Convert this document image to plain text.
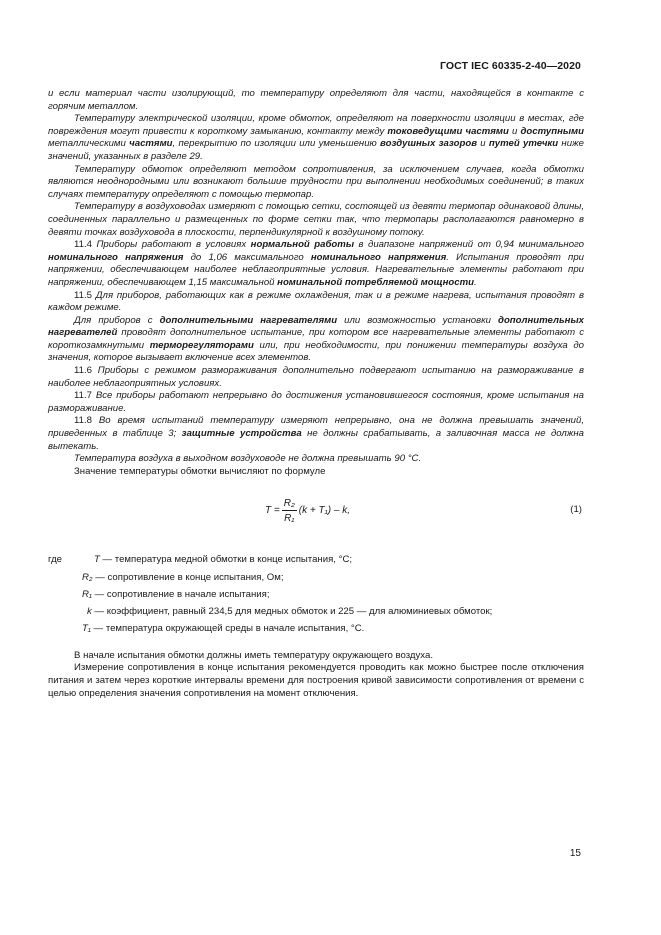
ГОСТ IEC 60335-2-40—2020

и если материал части изолирующий, то температуру определяют для части, находящейся в контакте с горячим металлом.

Температуру электрической изоляции, кроме обмоток, определяют на поверхности изоляции в местах, где повреждения могут привести к короткому замыканию, контакту между токоведущими частями и доступными металлическими частями, перекрытию по изоляции или уменьшению воздушных зазоров и путей утечки ниже значений, указанных в разделе 29.

Температуру обмоток определяют методом сопротивления, за исключением случаев, когда обмотки являются неоднородными или возникают большие трудности при выполнении необходимых соединений; в таких случаях температуру определяют с помощью термопар.

Температуру в воздуховодах измеряют с помощью сетки, состоящей из девяти термопар одинаковой длины, соединенных параллельно и размещенных по форме сетки так, что термопары располагаются равномерно в девяти точках воздуховода в плоскости, перпендикулярной к воздушному потоку.

11.4 Приборы работают в условиях нормальной работы в диапазоне напряжений от 0,94 минимального номинального напряжения до 1,06 максимального номинального напряжения. Испытания проводят при напряжении, обеспечивающем наиболее неблагоприятные условия. Нагревательные элементы работают при напряжении, обеспечивающем 1,15 максимальной номинальной потребляемой мощности.

11.5 Для приборов, работающих как в режиме охлаждения, так и в режиме нагрева, испытания проводят в каждом режиме.

Для приборов с дополнительными нагревателями или возможностью установки дополнительных нагревателей проводят дополнительное испытание, при котором все нагревательные элементы работают с короткозамкнутыми терморегуляторами или, при необходимости, при понижении температуры воздуха до значения, которое вызывает включение всех элементов.

11.6 Приборы с режимом размораживания дополнительно подвергают испытанию на размораживание в наиболее неблагоприятных условиях.

11.7 Все приборы работают непрерывно до достижения установившегося состояния, кроме испытания на размораживание.

11.8 Во время испытаний температуру измеряют непрерывно, она не должна превышать значений, приведенных в таблице 3; защитные устройства не должны срабатывать, а заливочная масса не должна вытекать.

Температура воздуха в выходном воздуховоде не должна превышать 90 °C.

Значение температуры обмотки вычисляют по формуле

$T = \frac{\text{R₂}}{\text{R₁}} (k + T_1) - k$,	(1)
где	T — температура медной обмотки в конце испытания, °C;
R₂ — сопротивление в конце испытания, Ом;
R₁ — сопротивление в начале испытания;
k — коэффициент, равный 234,5 для медных обмоток и 225 — для алюминиевых обмоток;
T₁ — температура окружающей среды в начале испытания, °C.

В начале испытания обмотки должны иметь температуру окружающего воздуха.

Измерение сопротивления в конце испытания рекомендуется проводить как можно быстрее после отключения питания и затем через короткие интервалы времени для построения кривой зависимости сопротивления от времени с целью определения значения сопротивления на момент отключения.

15
